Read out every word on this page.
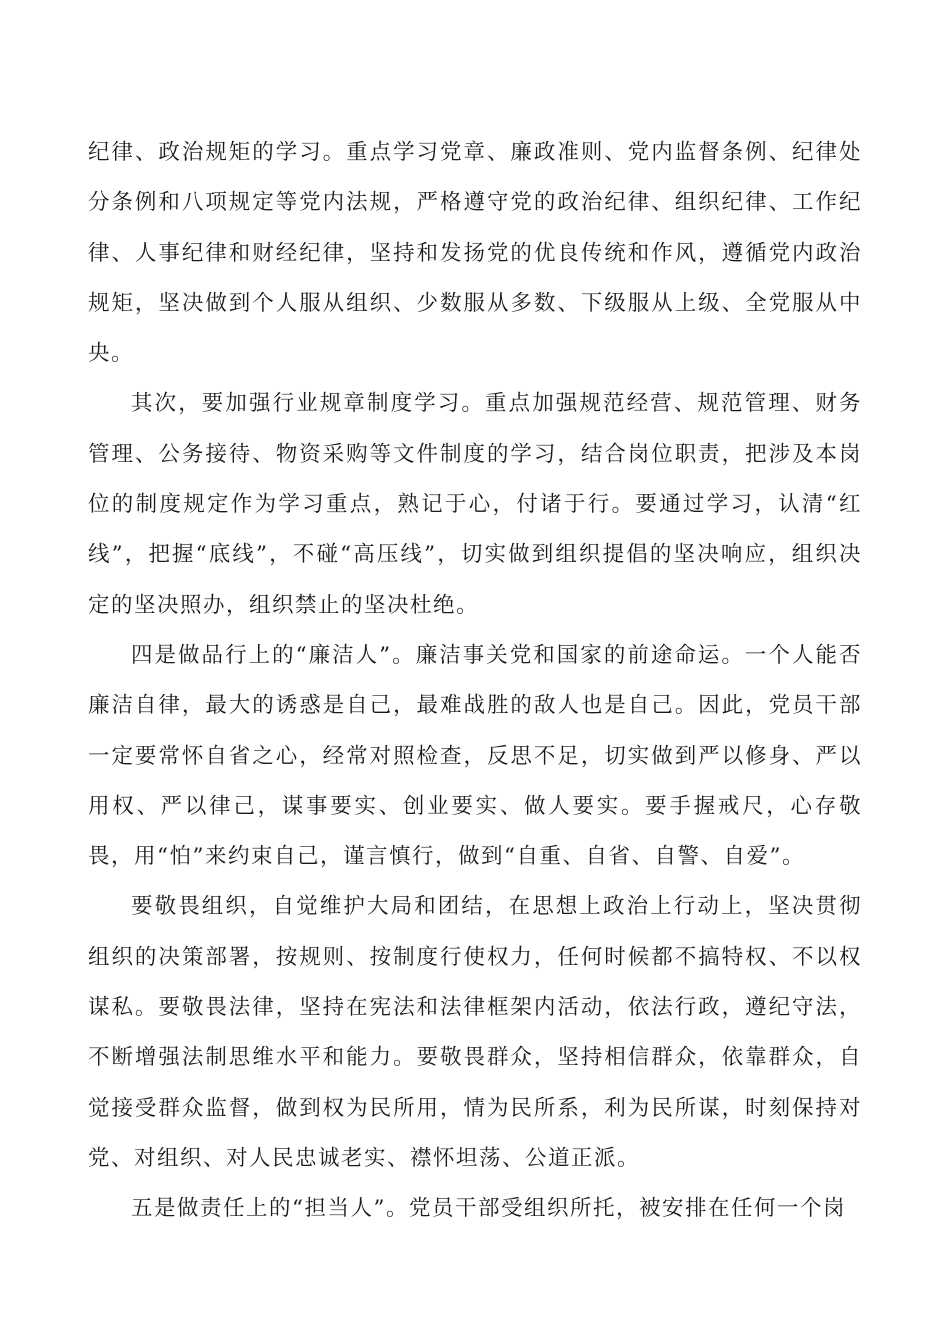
纪律、政治规矩的学习。重点学习党章、廉政准则、党内监督条例、纪律处分条例和八项规定等党内法规，严格遵守党的政治纪律、组织纪律、工作纪律、人事纪律和财经纪律，坚持和发扬党的优良传统和作风，遵循党内政治规矩，坚决做到个人服从组织、少数服从多数、下级服从上级、全党服从中央。

其次，要加强行业规章制度学习。重点加强规范经营、规范管理、财务管理、公务接待、物资采购等文件制度的学习，结合岗位职责，把涉及本岗位的制度规定作为学习重点，熟记于心，付诸于行。要通过学习，认清“红线”，把握“底线”，不碰“高压线”，切实做到组织提倡的坚决响应，组织决定的坚决照办，组织禁止的坚决杜绝。

四是做品行上的“廉洁人”。廉洁事关党和国家的前途命运。一个人能否廉洁自律，最大的诱惑是自己，最难战胜的敌人也是自己。因此，党员干部一定要常怀自省之心，经常对照检查，反思不足，切实做到严以修身、严以用权、严以律己，谋事要实、创业要实、做人要实。要手握戒尺，心存敬畏，用“怕”来约束自己，谨言慎行，做到“自重、自省、自警、自爱”。

要敬畏组织，自觉维护大局和团结，在思想上政治上行动上，坚决贯彻组织的决策部署，按规则、按制度行使权力，任何时候都不搞特权、不以权谋私。要敬畏法律，坚持在宪法和法律框架内活动，依法行政，遵纪守法，不断增强法制思维水平和能力。要敬畏群众，坚持相信群众，依靠群众，自觉接受群众监督，做到权为民所用，情为民所系，利为民所谋，时刻保持对党、对组织、对人民忠诚老实、襟怀坦荡、公道正派。

五是做责任上的“担当人”。党员干部受组织所托，被安排在任何一个岗
